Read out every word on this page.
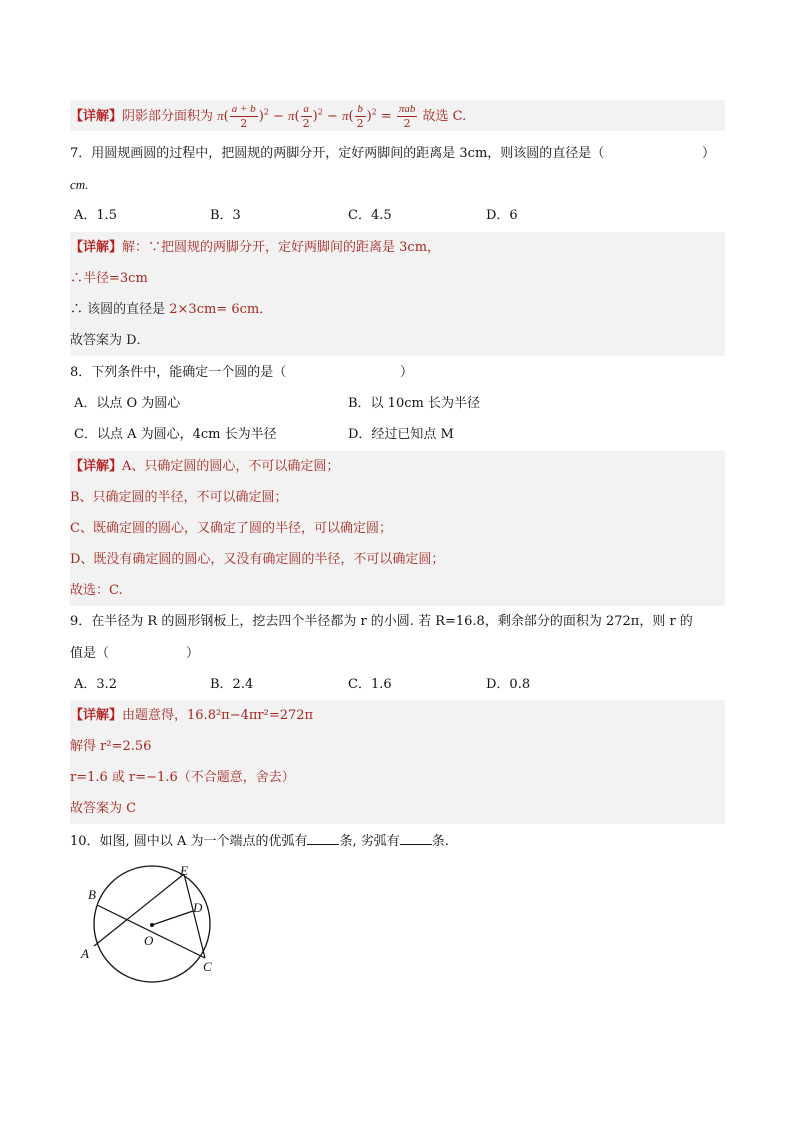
【详解】阴影部分面积为 $\pi( \frac{a + b}{2} )^2 - \pi( \frac{a}{2} )^2 - \pi( \frac{b}{2} )^2 = \frac{\text{πab}}{2}$ 故选 C.
7．用圆规画圆的过程中，把圆规的两脚分开，定好两脚间的距离是 3cm，则该圆的直径是（	）
cm.
A．1.5	B．3	C．4.5	D．6
【详解】解：∵把圆规的两脚分开，定好两脚间的距离是 3cm，
∴半径=3cm
∴ 该圆的直径是 2×3cm= 6cm．
故答案为 D．
8．下列条件中，能确定一个圆的是（	）
A．以点 O 为圆心	B．以 10cm 长为半径
C．以点 A 为圆心，4cm 长为半径	D．经过已知点 M
【详解】A、只确定圆的圆心，不可以确定圆；
B、只确定圆的半径，不可以确定圆；
C、既确定圆的圆心，又确定了圆的半径，可以确定圆；
D、既没有确定圆的圆心，又没有确定圆的半径，不可以确定圆；
故选：C.
9．在半径为 R 的圆形钢板上，挖去四个半径都为 r 的小圆. 若 R=16.8，剩余部分的面积为 272π，则 r 的
值是（	）
A．3.2	B．2.4	C．1.6	D．0.8
【详解】由题意得，16.8²π−4πr²=272π
解得 r²=2.56
r=1.6 或 r=−1.6（不合题意，舍去）
故答案为 C
10．如图, 圆中以 A 为一个端点的优弧有 条, 劣弧有 条.
B
E
D
O
A
C
